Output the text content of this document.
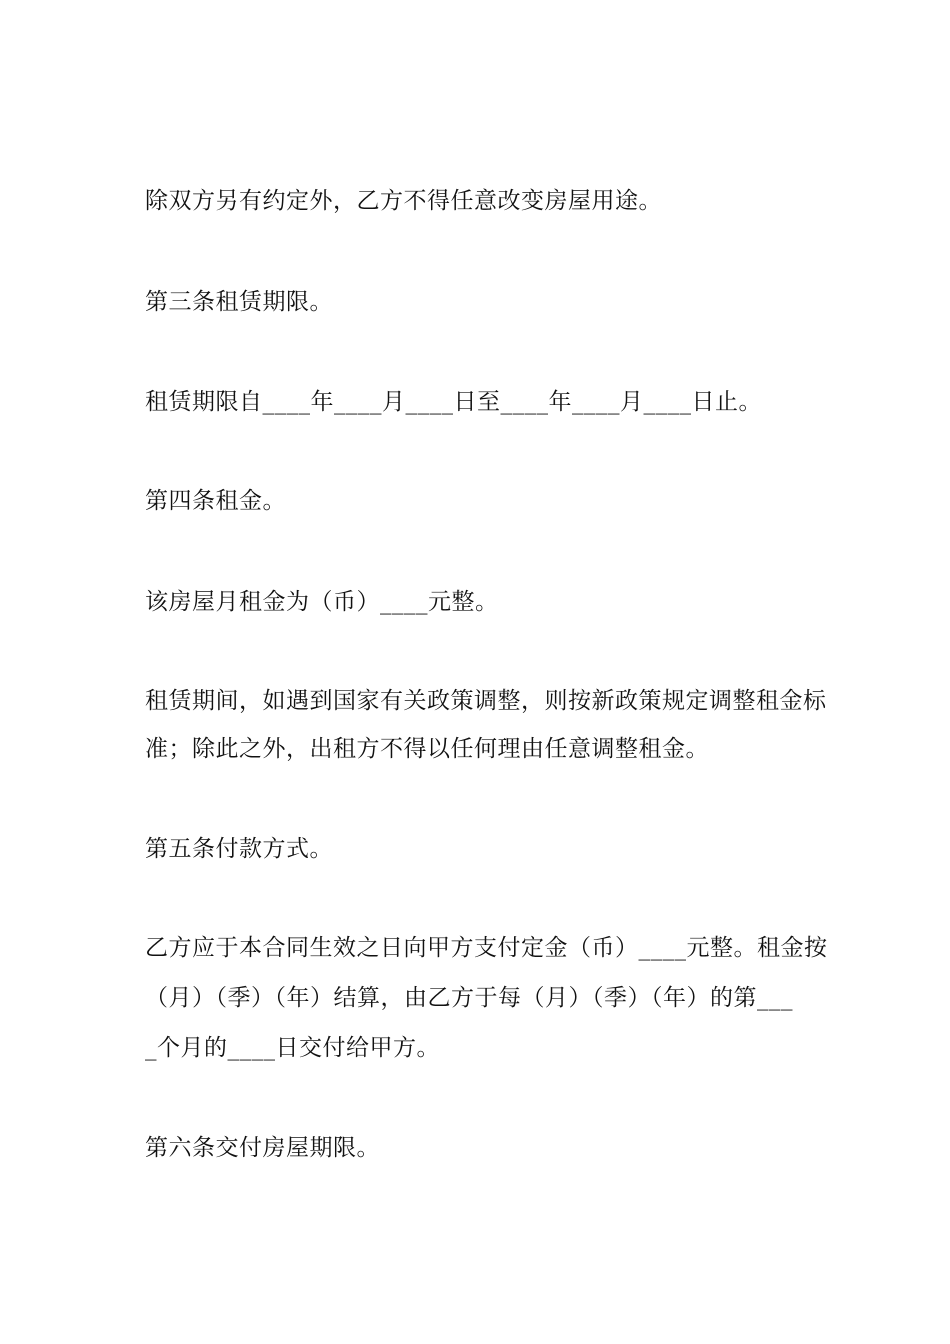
除双方另有约定外，乙方不得任意改变房屋用途。
第三条租赁期限。
租赁期限自____年____月____日至____年____月____日止。
第四条租金。
该房屋月租金为（币）____元整。
租赁期间，如遇到国家有关政策调整，则按新政策规定调整租金标
准；除此之外，出租方不得以任何理由任意调整租金。
第五条付款方式。
乙方应于本合同生效之日向甲方支付定金（币）____元整。租金按
（月）（季）（年）结算，由乙方于每（月）（季）（年）的第___
_个月的____日交付给甲方。
第六条交付房屋期限。
